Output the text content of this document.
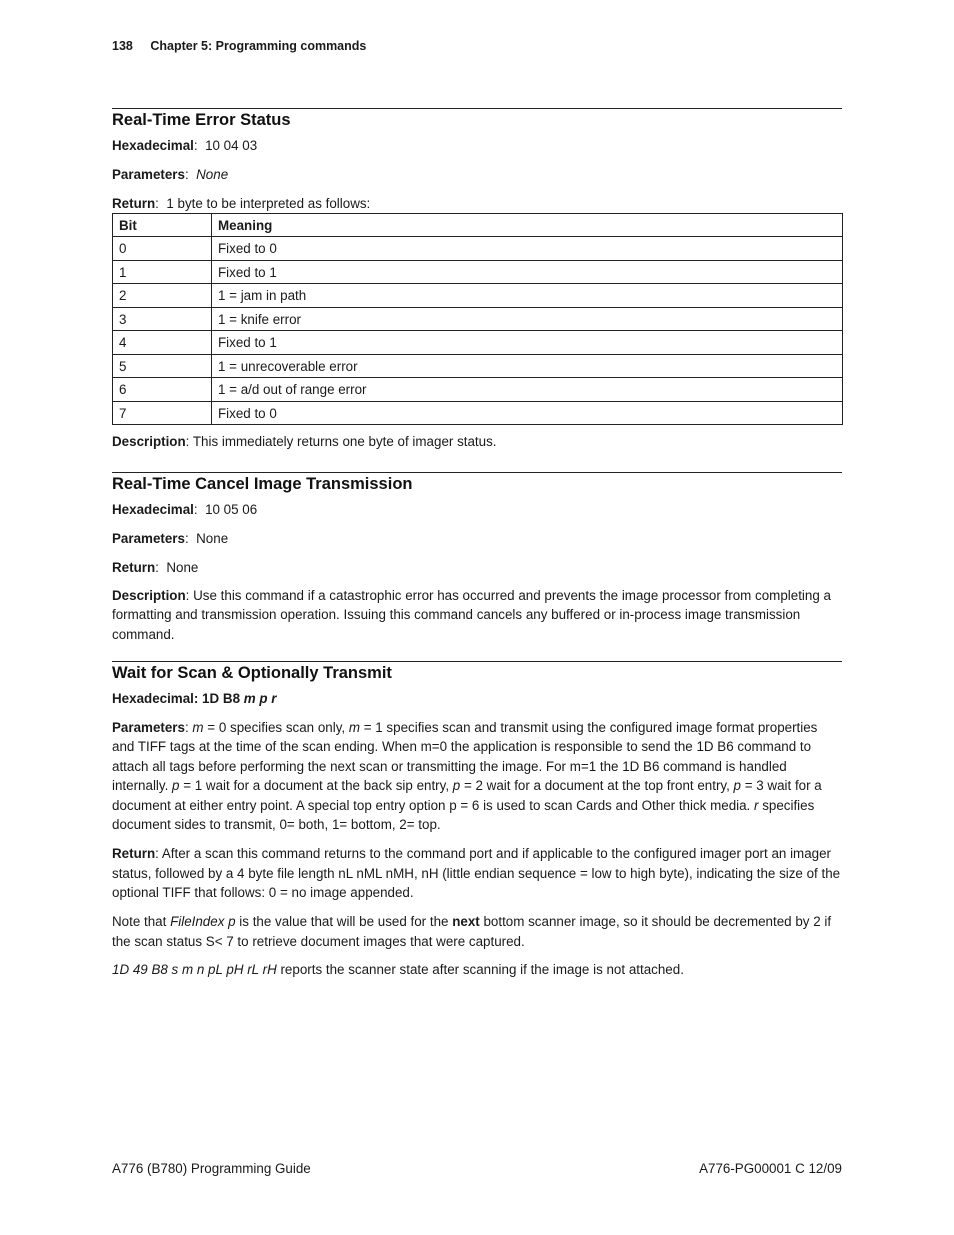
138 Chapter 5: Programming commands
Real-Time Error Status

Hexadecimal:  10 04 03

Parameters:  None

Return:  1 byte to be interpreted as follows:

Bit	Meaning
0	Fixed to 0
1	Fixed to 1
2	1 = jam in path
3	1 = knife error
4	Fixed to 1
5	1 = unrecoverable error
6	1 = a/d out of range error
7	Fixed to 0

Description: This immediately returns one byte of imager status.

Real-Time Cancel Image Transmission

Hexadecimal:  10 05 06

Parameters:  None

Return:  None

Description: Use this command if a catastrophic error has occurred and prevents the image processor from completing a formatting and transmission operation. Issuing this command cancels any buffered or in-process image transmission command.

Wait for Scan & Optionally Transmit

Hexadecimal: 1D B8 m p r

Parameters: m = 0 specifies scan only, m = 1 specifies scan and transmit using the configured image format properties and TIFF tags at the time of the scan ending. When m=0 the application is responsible to send the 1D B6 command to attach all tags before performing the next scan or transmitting the image. For m=1 the 1D B6 command is handled internally. p = 1 wait for a document at the back sip entry, p = 2 wait for a document at the top front entry, p = 3 wait for a document at either entry point. A special top entry option p = 6 is used to scan Cards and Other thick media. r specifies document sides to transmit, 0= both, 1= bottom, 2= top.

Return: After a scan this command returns to the command port and if applicable to the configured imager port an imager status, followed by a 4 byte file length nL nML nMH, nH (little endian sequence = low to high byte), indicating the size of the optional TIFF that follows: 0 = no image appended.

Note that FileIndex p is the value that will be used for the next bottom scanner image, so it should be decremented by 2 if the scan status S< 7 to retrieve document images that were captured.

1D 49 B8 s m n pL pH rL rH reports the scanner state after scanning if the image is not attached.

A776 (B780) Programming Guide	A776-PG00001 C 12/09
